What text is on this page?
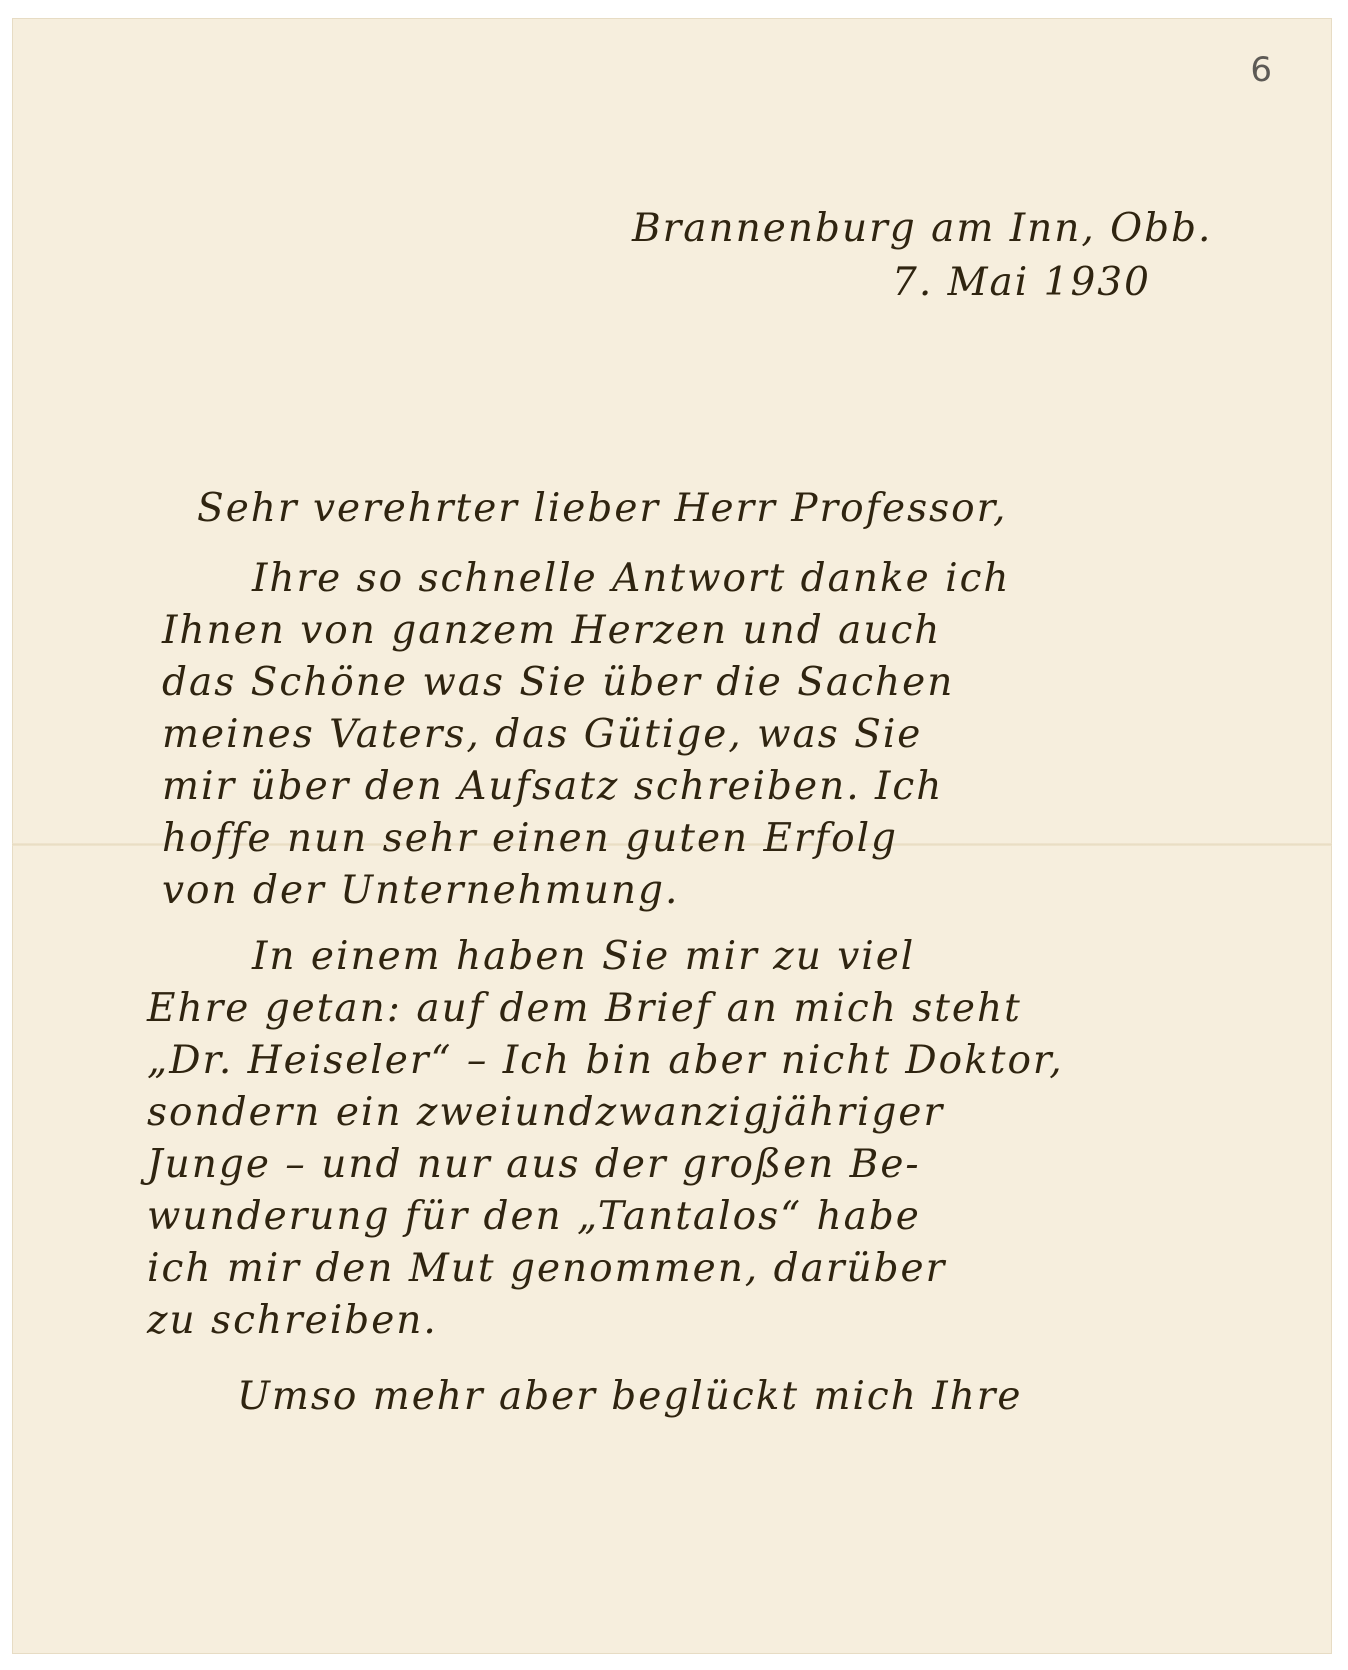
6
Brannenburg am Inn, Obb.
7. Mai 1930
Sehr verehrter lieber Herr Professor,
Ihre so schnelle Antwort danke ich
Ihnen von ganzem Herzen und auch
das Schöne was Sie über die Sachen
meines Vaters, das Gütige, was Sie
mir über den Aufsatz schreiben. Ich
hoffe nun sehr einen guten Erfolg
von der Unternehmung.
In einem haben Sie mir zu viel
Ehre getan: auf dem Brief an mich steht
„Dr. Heiseler“ – Ich bin aber nicht Doktor,
sondern ein zweiundzwanzigjähriger
Junge – und nur aus der großen Be-
wunderung für den „Tantalos“ habe
ich mir den Mut genommen, darüber
zu schreiben.
Umso mehr aber beglückt mich Ihre
